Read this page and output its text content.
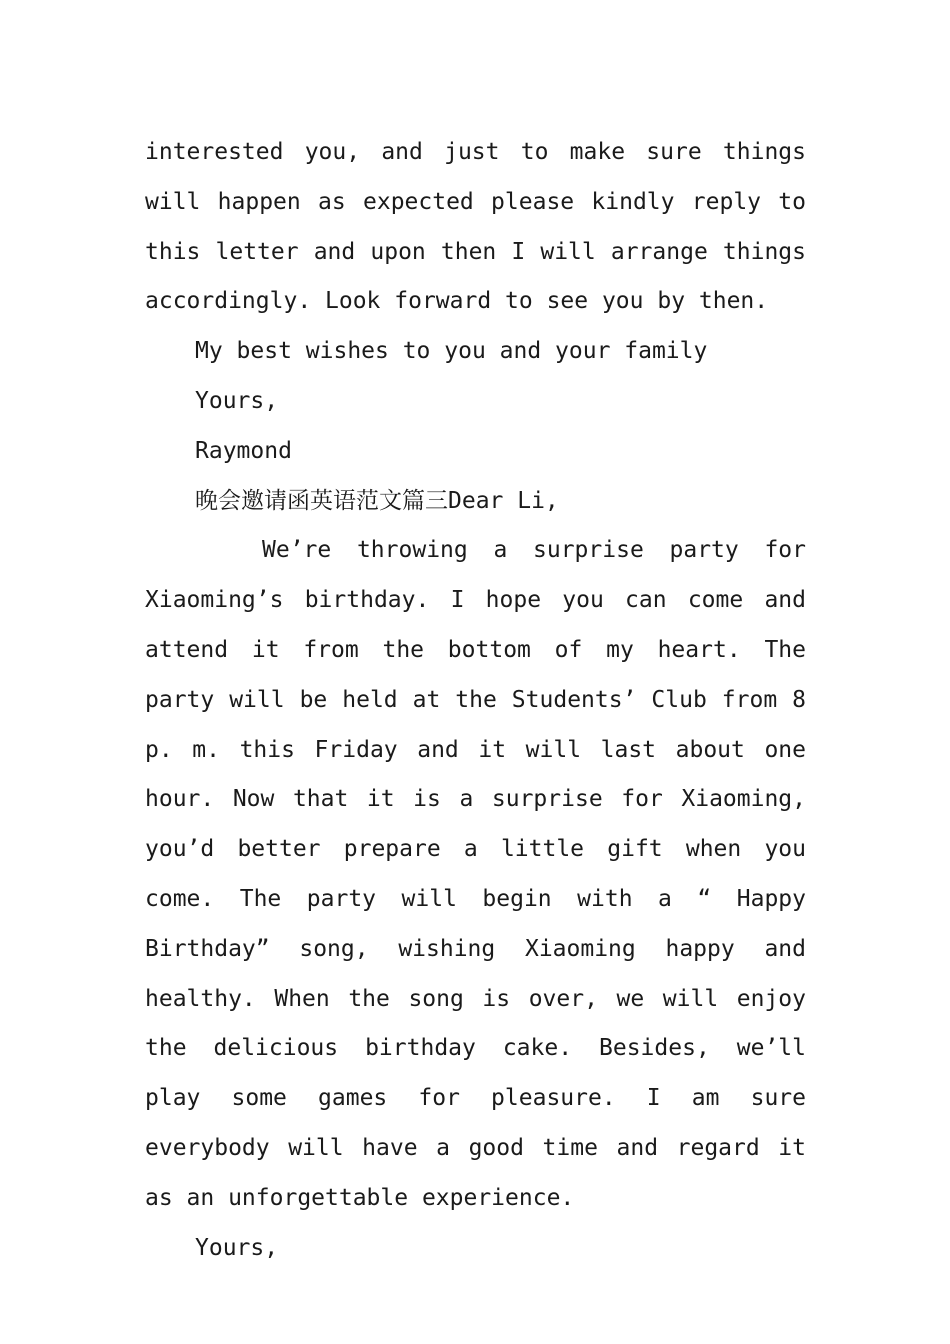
interested you, and just to make sure things will happen as expected please kindly reply to this letter and upon then I will arrange things accordingly. Look forward to see you by then.

My best wishes to you and your family
Yours,
Raymond
晚会邀请函英语范文篇三Dear Li,

We’re throwing a surprise party for Xiaoming’s birthday. I hope you can come and attend it from the bottom of my heart. The party will be held at the Students’ Club from 8 p. m. this Friday and it will last about one hour. Now that it is a surprise for Xiaoming, you’d better prepare a little gift when you come. The party will begin with a “ Happy Birthday” song, wishing Xiaoming happy and healthy. When the song is over, we will enjoy the delicious birthday cake. Besides, we’ll play some games for pleasure. I am sure everybody will have a good time and regard it as an unforgettable experience.

Yours,
